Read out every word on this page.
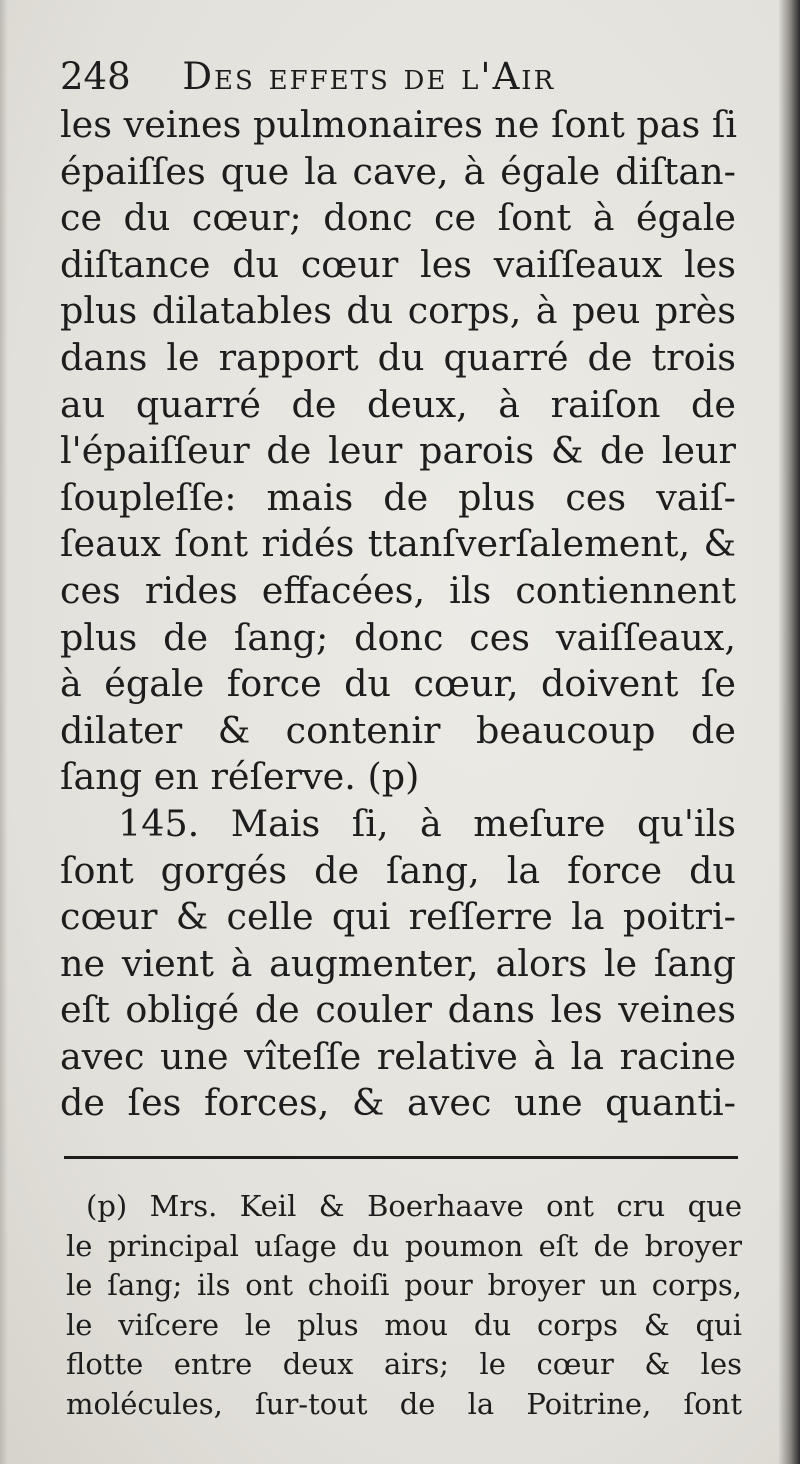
248 Des effets de l'Air
les veines pulmonaires ne ſont pas ſi
épaiſſes que la cave, à égale diſtan-
ce du cœur; donc ce ſont à égale
diſtance du cœur les vaiſſeaux les
plus dilatables du corps, à peu près
dans le rapport du quarré de trois
au quarré de deux, à raiſon de
l'épaiſſeur de leur parois & de leur
ſoupleſſe: mais de plus ces vaiſ-
ſeaux ſont ridés ttanſverſalement, &
ces rides effacées, ils contiennent
plus de ſang; donc ces vaiſſeaux,
à égale force du cœur, doivent ſe
dilater & contenir beaucoup de
ſang en réſerve. (p)
145. Mais ſi, à meſure qu'ils
ſont gorgés de ſang, la force du
cœur & celle qui reſſerre la poitri-
ne vient à augmenter, alors le ſang
eſt obligé de couler dans les veines
avec une vîteſſe relative à la racine
de ſes forces, & avec une quanti-
(p) Mrs. Keil & Boerhaave ont cru que
le principal uſage du poumon eſt de broyer
le ſang; ils ont choiſi pour broyer un corps,
le viſcere le plus mou du corps & qui
flotte entre deux airs; le cœur & les
molécules, ſur-tout de la Poitrine, ſont
